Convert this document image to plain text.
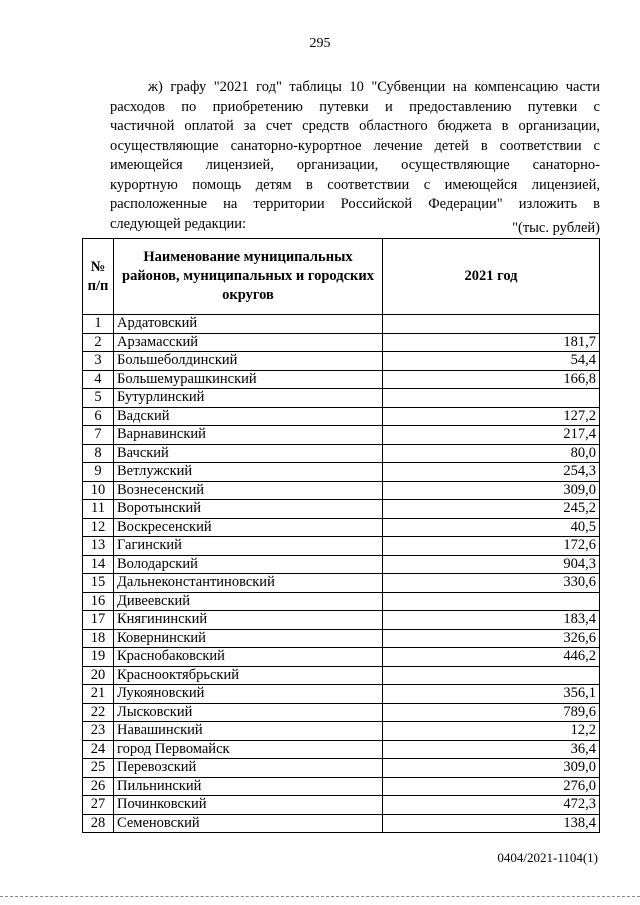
295
ж) графу "2021 год" таблицы 10 "Субвенции на компенсацию части
расходов по приобретению путевки и предоставлению путевки с
частичной оплатой за счет средств областного бюджета в организации,
осуществляющие санаторно-курортное лечение детей в соответствии с
имеющейся лицензией, организации, осуществляющие санаторно-
курортную помощь детям в соответствии с имеющейся лицензией,
расположенные на территории Российской Федерации" изложить в
следующей редакции:	"(тыс. рублей)
№ п/п	Наименование муниципальных районов, муниципальных и городских округов	2021 год
1	Ардатовский	
2	Арзамасский	181,7
3	Большеболдинский	54,4
4	Большемурашкинский	166,8
5	Бутурлинский	
6	Вадский	127,2
7	Варнавинский	217,4
8	Вачский	80,0
9	Ветлужский	254,3
10	Вознесенский	309,0
11	Воротынский	245,2
12	Воскресенский	40,5
13	Гагинский	172,6
14	Володарский	904,3
15	Дальнеконстантиновский	330,6
16	Дивеевский	
17	Княгининский	183,4
18	Ковернинский	326,6
19	Краснобаковский	446,2
20	Краснооктябрьский	
21	Лукояновский	356,1
22	Лысковский	789,6
23	Навашинский	12,2
24	город Первомайск	36,4
25	Перевозский	309,0
26	Пильнинский	276,0
27	Починковский	472,3
28	Семеновский	138,4
0404/2021-1104(1)
